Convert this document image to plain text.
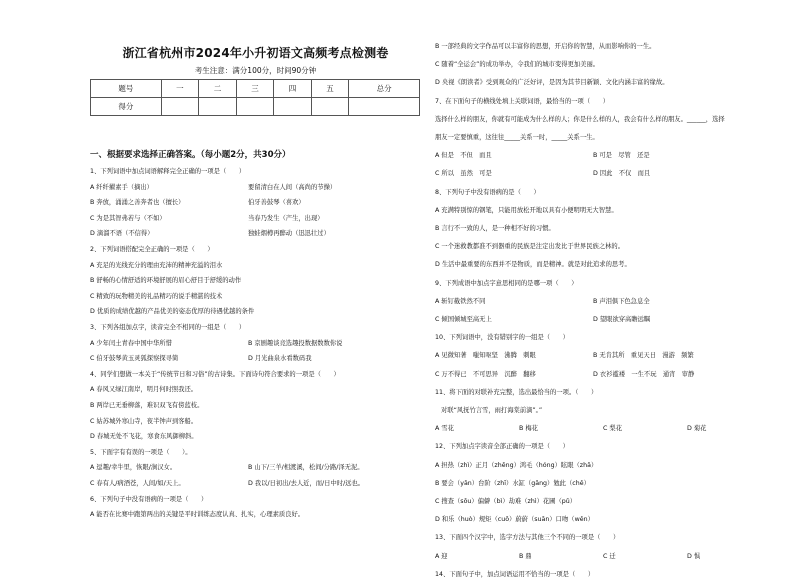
浙江省杭州市2024年小升初语文高频考点检测卷
考生注意：满分100分，时间90分钟
题号	一	二	三	四	五	总分
得分						
一、根据要求选择正确答案。（每小题2分，共30分）
1、下列词语中加点词语解释完全正确的一项是（　　）
A 纤纤擢素手（摘出）	要留清白在人间（高尚的节操）
B 奔放，涌涌之善奔者也（擅长）	伯牙善鼓琴（喜欢）
C 为是其智弗若与（不如）	当春乃发生（产生，出现）
D 滴溜不语（不信得）	独蛙烟樽再醉动（迅迅壮过）
2、下列词语搭配完全正确的一项是（　　）
A 充足的光线充分的理由充沛的精神充溢的泪水
B 舒畅的心情舒适的环境舒展的眉心舒目于舒缓的动作
C 精致的玩物精美的礼品精巧的说手精湛的技术
D 优质的成绩优越的产品优美的姿态优厚的待遇优越的条件
3、下列各组加点字，读音完全不相同的一组是（　　）
A 少年闰土青春中国中华所惜	B 京剧趣谈竞选趣投数据数数你说
C 伯牙鼓琴黄玉灵狐探察探寻简	D 月光曲泉水看数码我
4、同学们想做一本关于“传统节日和习俗”的古诗集。下面诗句符合要求的一项是（　　）
A 春风又绿江南岸，明月何时照我还。
B 两岸已无垂柳落，难识双飞有傍蓝枝。
C 姑苏城外寒山寺，夜半钟声到客船。
D 春城无处不飞花，寒食东风御柳斜。
5、下面字有有误的一项是（　　）。
A 逗趣/幸牛里，恢眼/涧汉女。	B 山下/三羊/相渡溪，松间/分路/泽无泥。
C 春有人/病酒苍，人间/如/天上。	D 我以/日初出/去人近，而/日中时/远也。
6、下列句子中没有语病的一项是（　　）
A 能否在比赛中跑第两出的关键是平时训练态度认真、扎实，心理素质良好。
B 一部经典的文字作品可以丰富你的思想，开启你的智慧，从而影响你的一生。
C 随着“全运会”的成功举办，令我们的城市变得更加美丽。
D 央视《朗读者》受到观众的广泛好评，是因为其节目新颖、文化内涵丰富的缘故。
7、在下面句子的横线处填上关联词语，最恰当的一项（　　）
选择什么样的朋友，你就有可能成为什么样的人；你是什么样的人，我会有什么样的朋友。______，选择
朋友一定要慎重，这往往_____关系一时，_____关系一生。
A 但是　不但　而且	B 可是　尽管　还是
C 所以　虽然　可是	D 因此　不仅　而且
8、下列句子中没有语病的是（　　）
A 充满特别惊的钢笔，只能用放松开地以具有小便明明无大智慧。
B 言行不一致的人，是一种相不好的习惯。
C 一个迷救教都准不到器重的民族是注定出发比于世界民族之林的。
D 生活中最重要的东西并不是物质，而是精神。就是对此追求的思考。
9、下列成语中加点字意思相同的是哪一项（　　）
A 斩钉截铁然不同	B 声泪俱下色急息全
C 倾国倾城至高无上	D 望眼欲穿高瞻远瞩
10、下列词语中，没有错别字的一组是（　　）
A 见微知著　嗤知呕坚　沸腾　刺眼	B 无肯其所　重见天日　漫游　频繁
C 万不得已　不可思异　沉醉　翻移	D 衣衫褴褛　一生不玩　通宵　审静
11、将下面的对联补充完整，选出最恰当的一项。（　　）
对联“风抚竹言雪，雨打海棠前滴”。”
A 雪花	B 梅花	C 梨花	D 菊花
12、下列加点字读音全部正确的一项是（　　）
A 担热（zhì）正月（zhēng）鸿毛（hóng）眩眼（zhā）
B 要会（yān）台阶（zhī）水缸（gāng）勉此（chě）
C 搜查（sōu）偏僻（bì）劫难（zhì）花圃（pǔ）
D 和乐（huò）规矩（cuō）蔚蔚（suān）口吻（wěn）
13、下面四个汉字中，选字方法与其他三个不同的一项是（　　）
A 迎	B 鼎	C 迁	D 惧
14、下面句子中，加点词语运用不恰当的一项是（　　）
